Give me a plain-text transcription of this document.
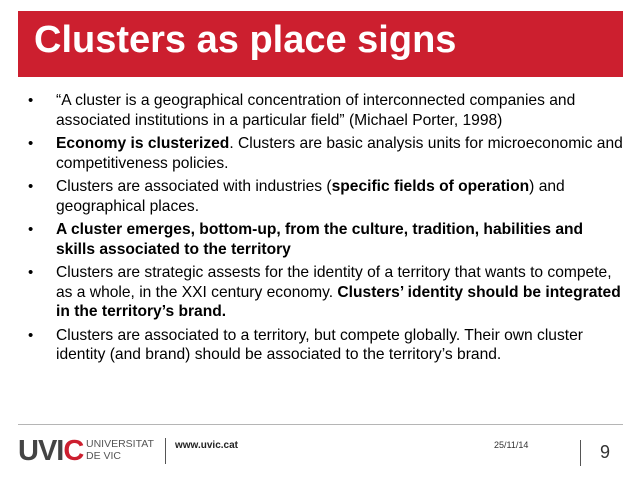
Clusters as place signs
• “A cluster is a geographical concentration of interconnected companies and associated institutions in a particular field” (Michael Porter, 1998)
• Economy is clusterized. Clusters are basic analysis units for microeconomic and competitiveness policies.
• Clusters are associated with industries (specific fields of operation) and geographical places.
• A cluster emerges, bottom-up, from the culture, tradition, habilities and skills associated to the territory
• Clusters are strategic assests for the identity of a territory that wants to compete, as a whole, in the XXI century economy. Clusters’ identity should be integrated in the territory’s brand.
• Clusters are associated to a territory, but compete globally. Their own cluster identity (and brand) should be associated to the territory’s brand.
UVIC UNIVERSITAT
DE VIC
www.uvic.cat	25/11/14	9
